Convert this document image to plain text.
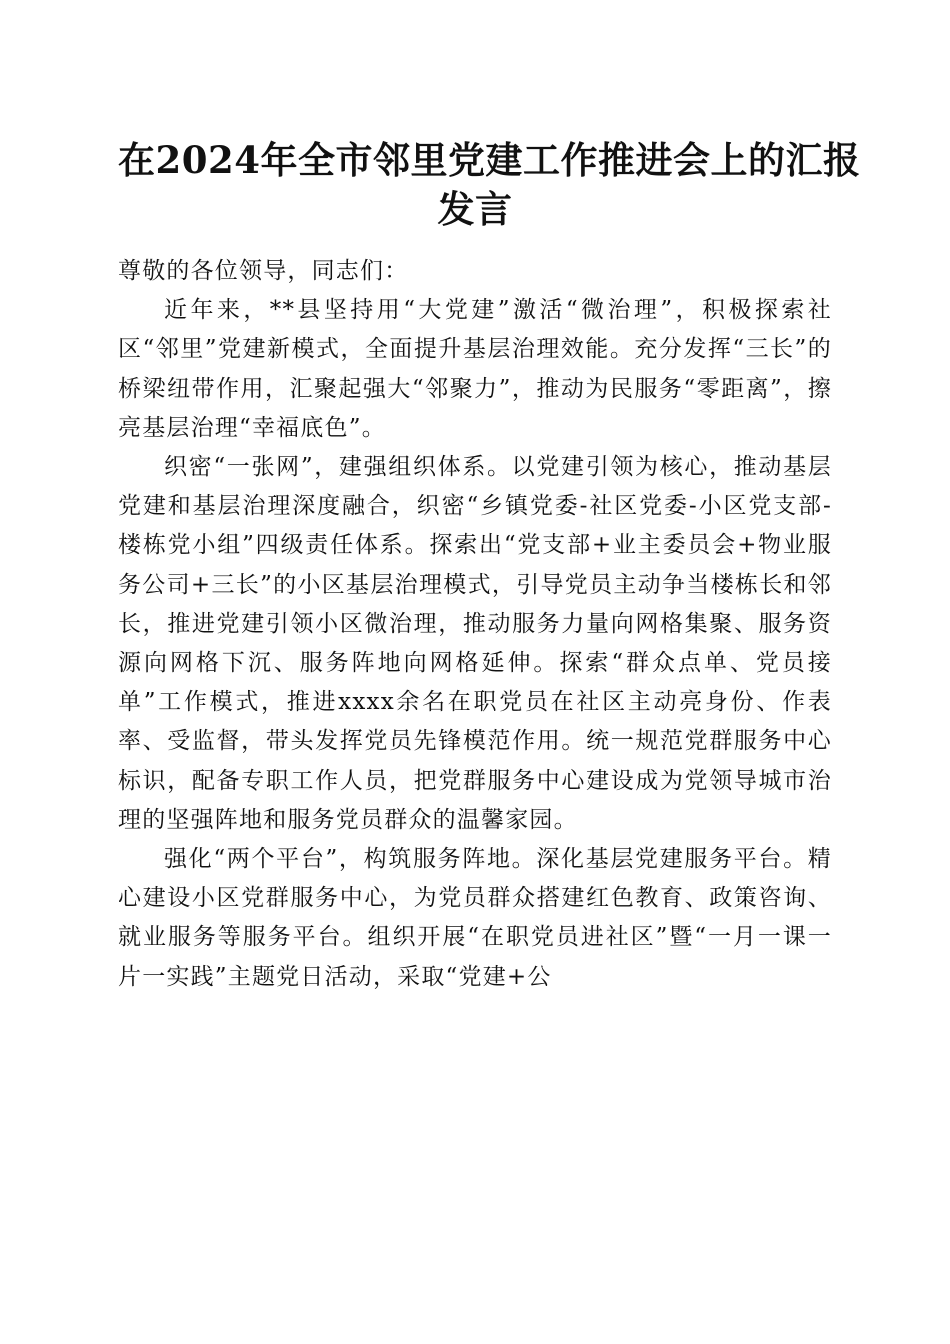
在2024年全市邻里党建工作推进会上的汇报
发言

尊敬的各位领导，同志们：

近年来，**县坚持用“大党建”激活“微治理”，积极探索社区“邻里”党建新模式，全面提升基层治理效能。充分发挥“三长”的桥梁纽带作用，汇聚起强大“邻聚力”，推动为民服务“零距离”，擦亮基层治理“幸福底色”。

织密“一张网”，建强组织体系。以党建引领为核心，推动基层党建和基层治理深度融合，织密“乡镇党委-社区党委-小区党支部-楼栋党小组”四级责任体系。探索出“党支部+业主委员会+物业服务公司+三长”的小区基层治理模式，引导党员主动争当楼栋长和邻长，推进党建引领小区微治理，推动服务力量向网格集聚、服务资源向网格下沉、服务阵地向网格延伸。探索“群众点单、党员接单”工作模式，推进xxxx余名在职党员在社区主动亮身份、作表率、受监督，带头发挥党员先锋模范作用。统一规范党群服务中心标识，配备专职工作人员，把党群服务中心建设成为党领导城市治理的坚强阵地和服务党员群众的温馨家园。

强化“两个平台”，构筑服务阵地。深化基层党建服务平台。精心建设小区党群服务中心，为党员群众搭建红色教育、政策咨询、就业服务等服务平台。组织开展“在职党员进社区”暨“一月一课一片一实践”主题党日活动，采取“党建+公
